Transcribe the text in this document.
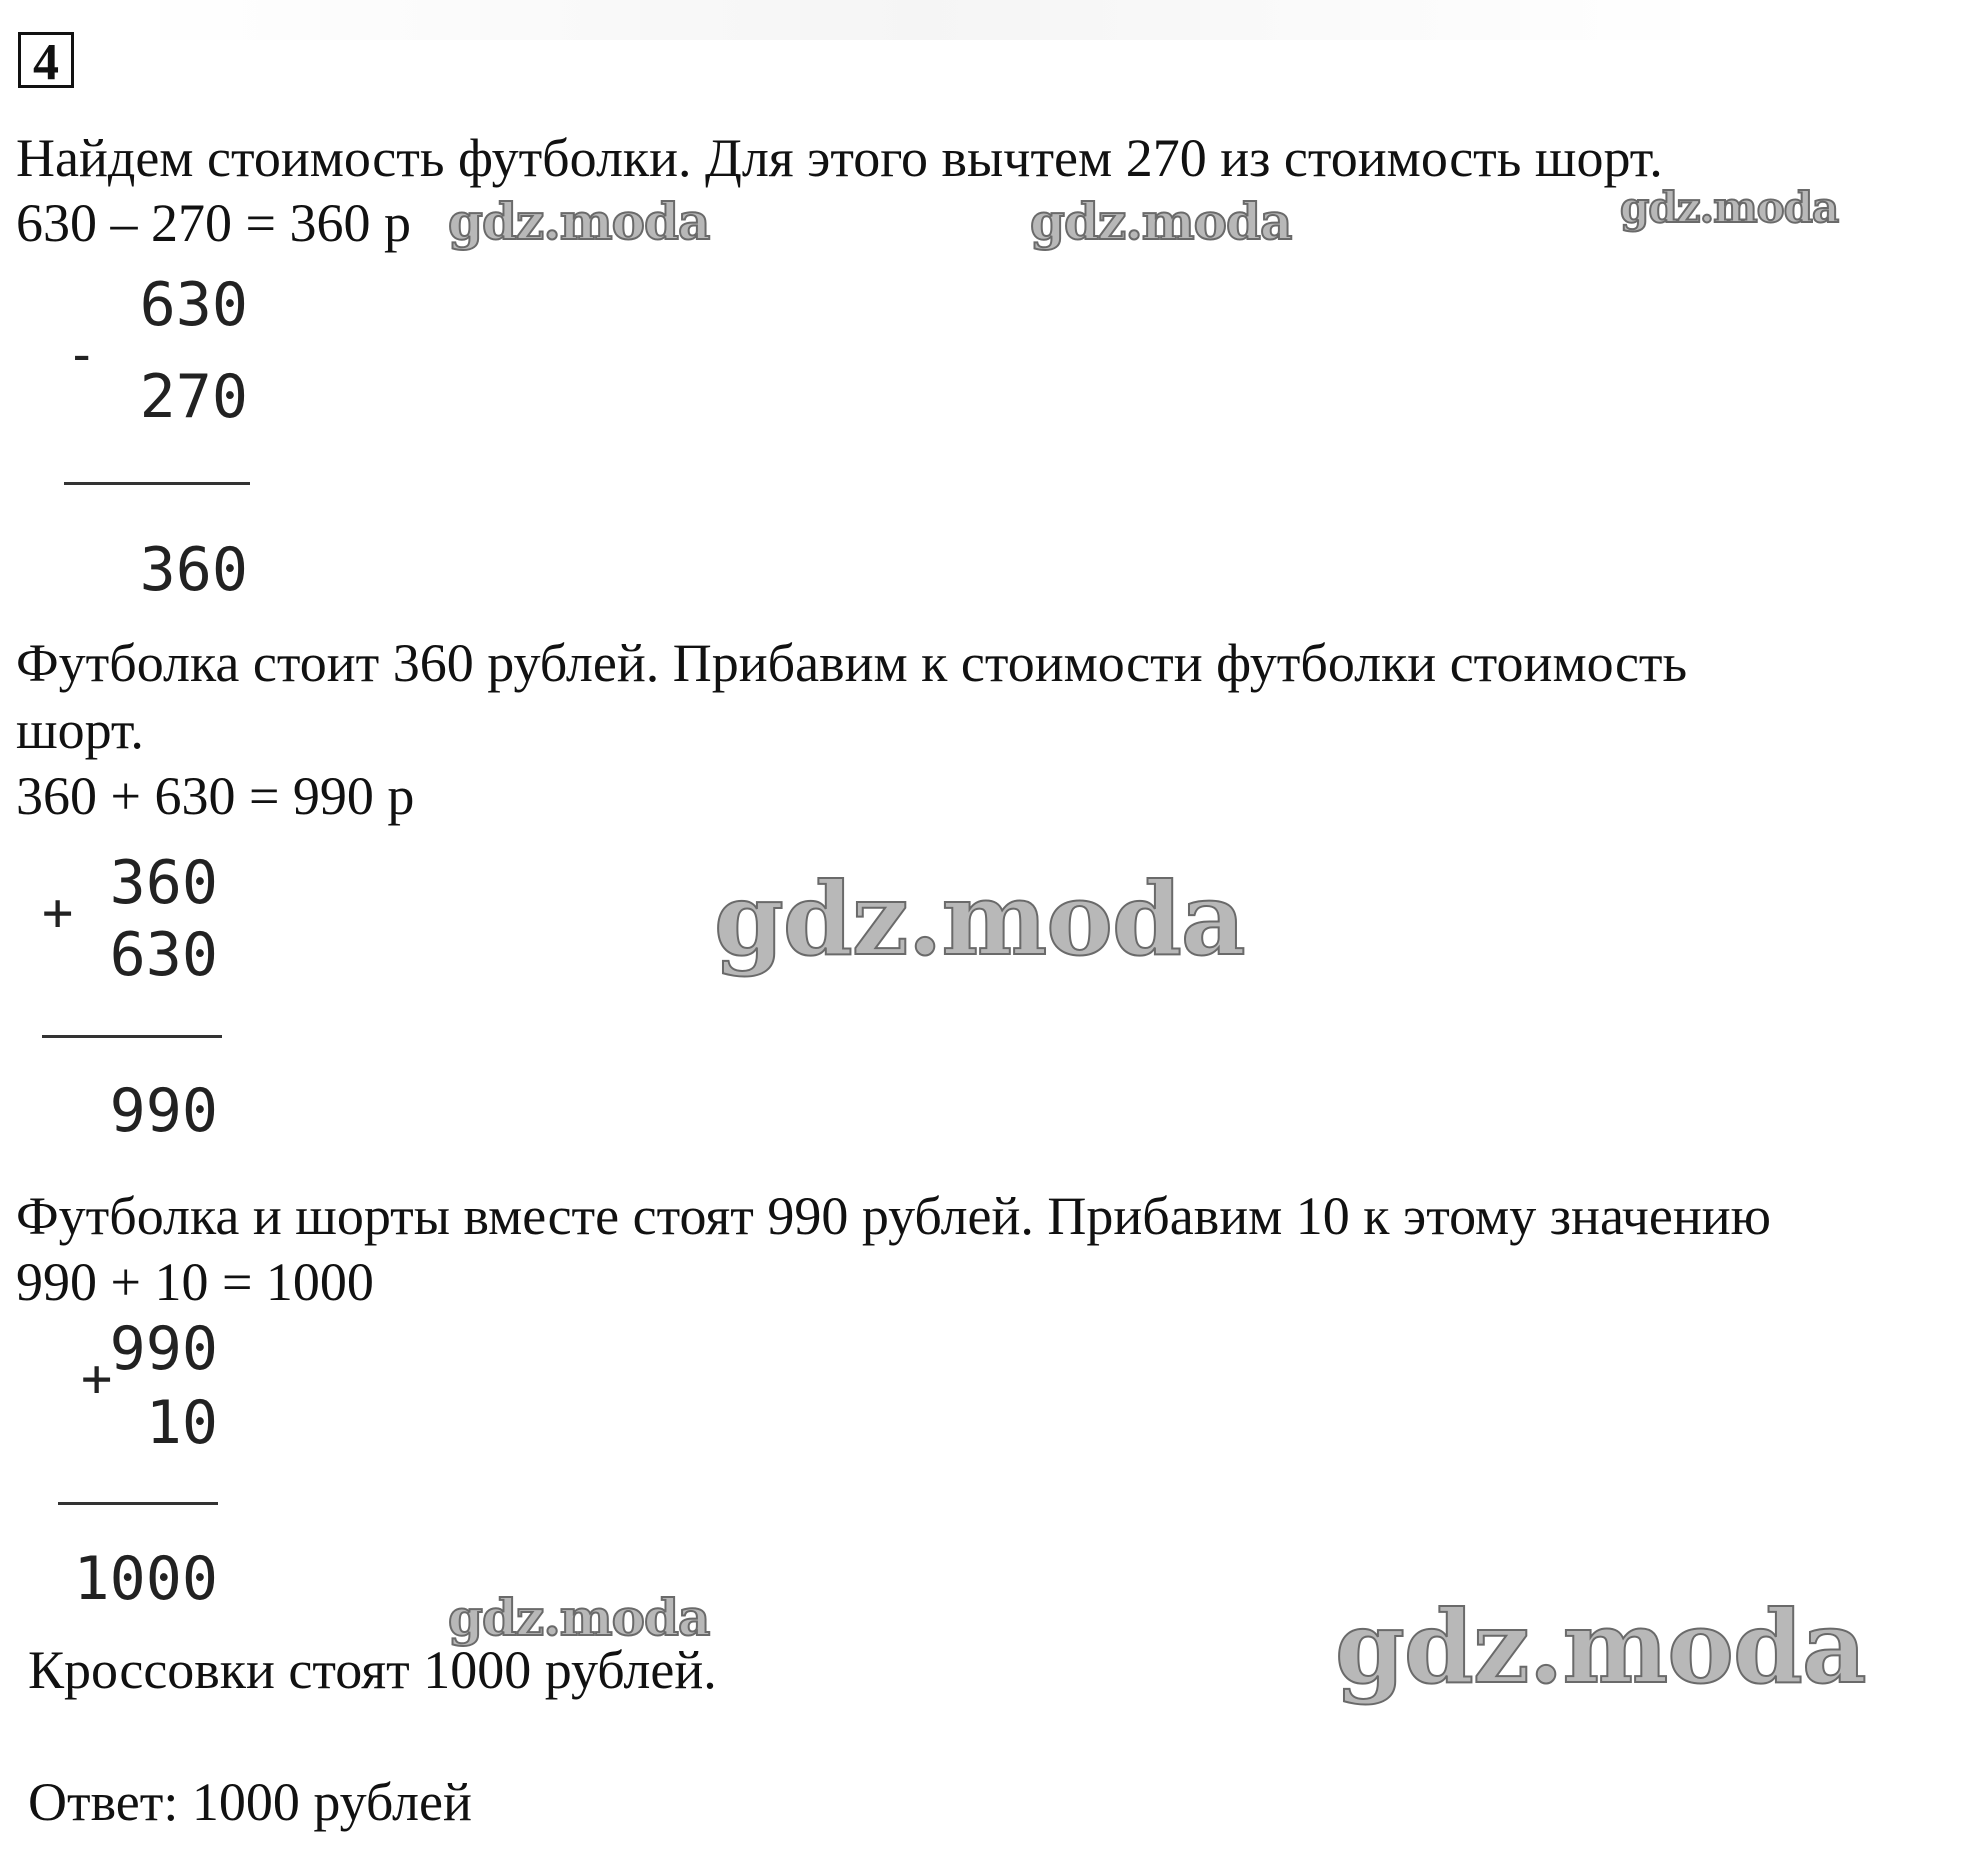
4
Найдем стоимость футболки. Для этого вычтем 270 из стоимость шорт.
630 – 270 = 360 р
-
630
270
360
Футболка стоит 360 рублей. Прибавим к стоимости футболки стоимость
шорт.
360 + 630 = 990 р
+ 360
630
990
Футболка и шорты вместе стоят 990 рублей. Прибавим 10 к этому значению
990 + 10 = 1000
+
990
10
1000
Кроссовки стоят 1000 рублей.
Ответ: 1000 рублей
gdz.moda	gdz.moda	gdz.moda
gdz.moda
gdz.moda	gdz.moda
